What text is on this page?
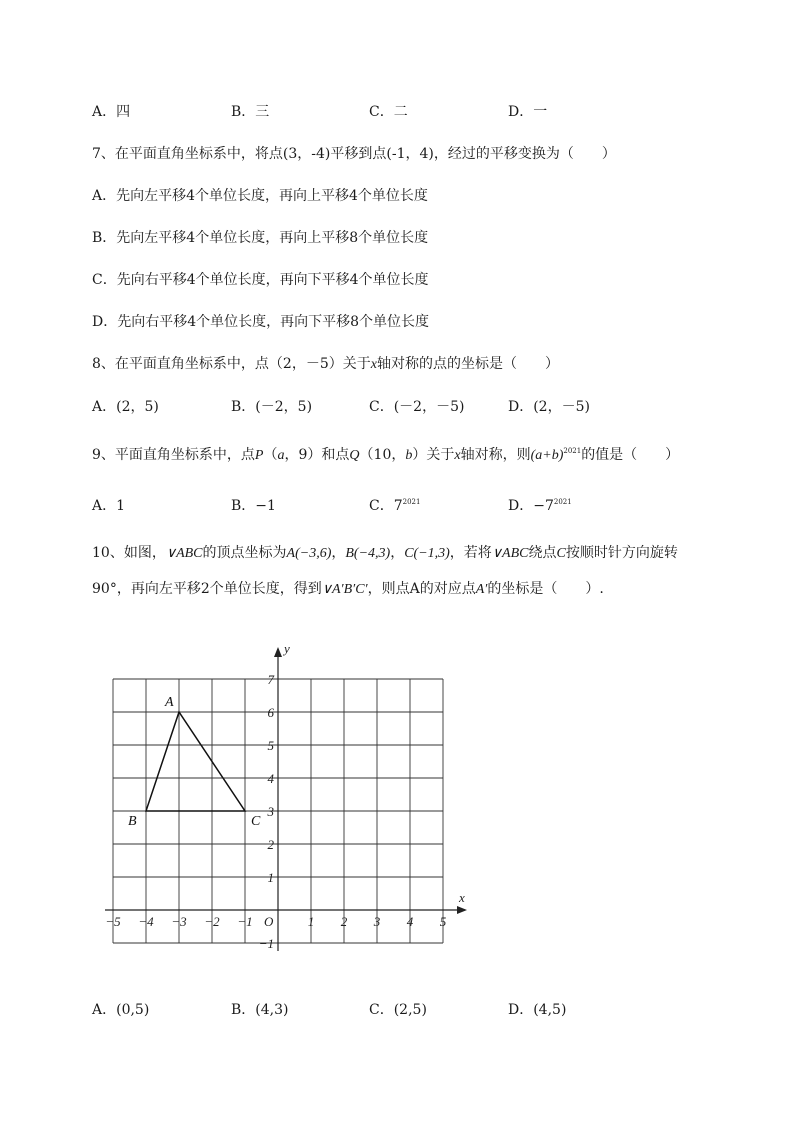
A．四	B．三	C．二	D．一
7、在平面直角坐标系中，将点(3，-4)平移到点(-1，4)，经过的平移变换为（　　）
A．先向左平移4个单位长度，再向上平移4个单位长度
B．先向左平移4个单位长度，再向上平移8个单位长度
C．先向右平移4个单位长度，再向下平移4个单位长度
D．先向右平移4个单位长度，再向下平移8个单位长度
8、在平面直角坐标系中，点（2，－5）关于x轴对称的点的坐标是（　　）
A．(2，5)	B．(－2，5)	C．(－2，－5)	D．(2，－5)
9、平面直角坐标系中，点P（a，9）和点Q（10，b）关于x轴对称，则$(a+b)^{2021}$的值是（　　）
A．1	B．−1	C．$7^{2021}$	D．$-7^{2021}$
10、如图，∨ABC的顶点坐标为A(−3,6)，B(−4,3)，C(−1,3)，若将∨ABC绕点C按顺时针方向旋转
90°，再向左平移2个单位长度，得到∨A′B′C′，则点A的对应点A′的坐标是（　　）.
−5 −4 −3 −2 −1	1 2 3 4 5
−1
1
2
3
4
5
6
7
O
x
y
A
B	C
A．(0,5)	B．(4,3)	C．(2,5)	D．(4,5)
